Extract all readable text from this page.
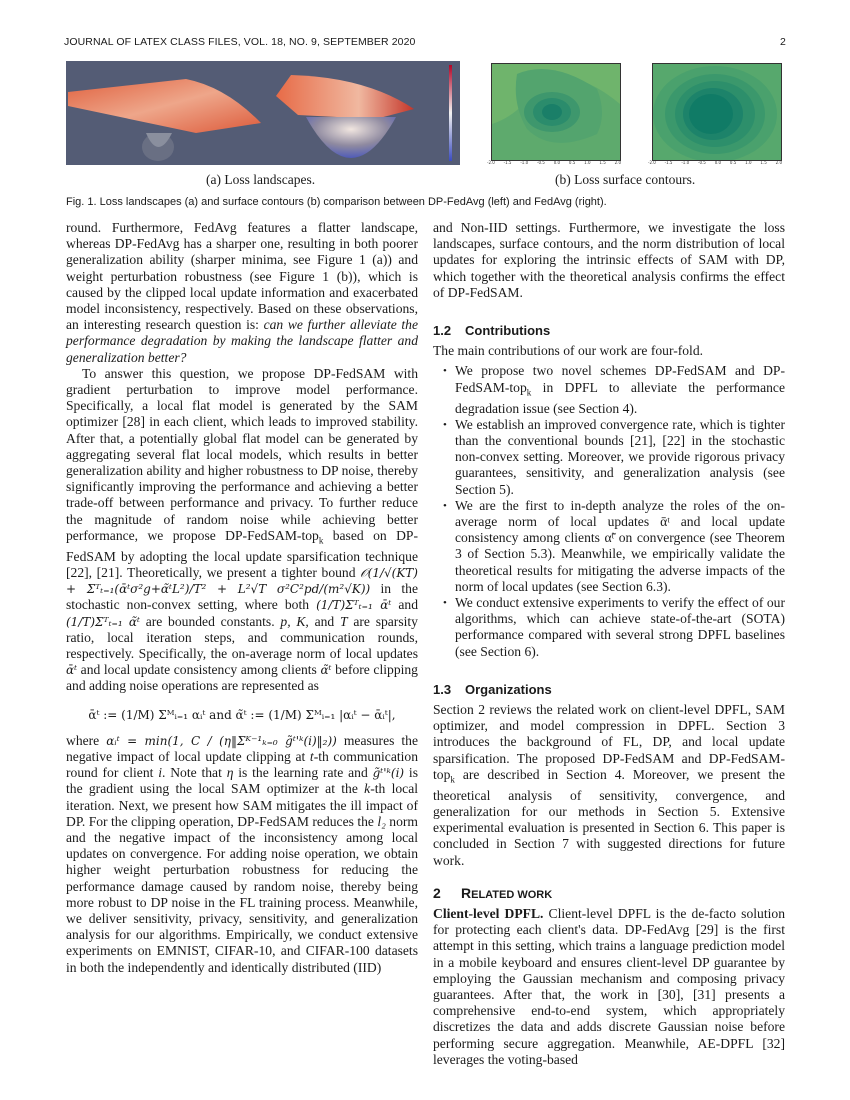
JOURNAL OF LATEX CLASS FILES, VOL. 18, NO. 9, SEPTEMBER 2020	2
-2.0 -1.5 -1.0 -0.5 0.0 0.5 1.0 1.5 2.0	-2.0 -1.5 -1.0 -0.5 0.0 0.5 1.0 1.5 2.0
(a) Loss landscapes.	(b) Loss surface contours.
Fig. 1. Loss landscapes (a) and surface contours (b) comparison between DP-FedAvg (left) and FedAvg (right).

round. Furthermore, FedAvg features a flatter landscape, whereas DP-FedAvg has a sharper one, resulting in both poorer generalization ability (sharper minima, see Figure 1 (a)) and weight perturbation robustness (see Figure 1 (b)), which is caused by the clipped local update information and exacerbated model inconsistency, respectively. Based on these observations, an interesting research question is: can we further alleviate the performance degradation by making the landscape flatter and generalization better?

To answer this question, we propose DP-FedSAM with gradient perturbation to improve model performance. Specifically, a local flat model is generated by the SAM optimizer [28] in each client, which leads to improved stability. After that, a potentially global flat model can be generated by aggregating several flat local models, which results in better generalization ability and higher robustness to DP noise, thereby significantly improving the performance and achieving a better trade-off between performance and privacy. To further reduce the magnitude of random noise while achieving better performance, we propose DP-FedSAM-top$_k$ based on DP-FedSAM by adopting the local update sparsification technique [22], [21]. Theoretically, we present a tighter bound 𝒪(1/√(KT) + Σᵀₜ₌₁(ᾱᵗσ²g+α̃ᵗL²)/T² + L²√T σ²C²pd/(m²√K)) in the stochastic non-convex setting, where both (1/T)Σᵀₜ₌₁ ᾱᵗ and (1/T)Σᵀₜ₌₁ α̃ᵗ are bounded constants. p, K, and T are sparsity ratio, local iteration steps, and communication rounds, respectively. Specifically, the on-average norm of local updates ᾱᵗ and local update consistency among clients α̃ᵗ before clipping and adding noise operations are represented as

ᾱᵗ := (1/M) Σᴹᵢ₌₁ αᵢᵗ and α̃ᵗ := (1/M) Σᴹᵢ₌₁ |αᵢᵗ − ᾱᵢᵗ|,

where αᵢᵗ = min(1, C / (η‖Σᴷ⁻¹ₖ₌₀ g̃ᵗ'ᵏ(i)‖₂)) measures the negative impact of local update clipping at t-th communication round for client i. Note that η is the learning rate and g̃ᵗ'ᵏ(i) is the gradient using the local SAM optimizer at the k-th local iteration. Next, we present how SAM mitigates the ill impact of DP. For the clipping operation, DP-FedSAM reduces the l₂ norm and the negative impact of the inconsistency among local updates on convergence. For adding noise operation, we obtain higher weight perturbation robustness for reducing the performance damage caused by random noise, thereby being more robust to DP noise in the FL training process. Meanwhile, we deliver sensitivity, privacy, sensitivity, and generalization analysis for our algorithms. Empirically, we conduct extensive experiments on EMNIST, CIFAR-10, and CIFAR-100 datasets in both the independently and identically distributed (IID)

and Non-IID settings. Furthermore, we investigate the loss landscapes, surface contours, and the norm distribution of local updates for exploring the intrinsic effects of SAM with DP, which together with the theoretical analysis confirms the effect of DP-FedSAM.

1.2 Contributions

The main contributions of our work are four-fold.

• We propose two novel schemes DP-FedSAM and DP-FedSAM-top$_k$ in DPFL to alleviate the performance degradation issue (see Section 4).
• We establish an improved convergence rate, which is tighter than the conventional bounds [21], [22] in the stochastic non-convex setting. Moreover, we provide rigorous privacy guarantees, sensitivity, and generalization analysis (see Section 5).
• We are the first to in-depth analyze the roles of the on-average norm of local updates ᾱᵗ and local update consistency among clients α̃ᵗ on convergence (see Theorem 3 of Section 5.3). Meanwhile, we empirically validate the theoretical results for mitigating the adverse impacts of the norm of local updates (see Section 6.3).
• We conduct extensive experiments to verify the effect of our algorithms, which can achieve state-of-the-art (SOTA) performance compared with several strong DPFL baselines (see Section 6).

1.3 Organizations

Section 2 reviews the related work on client-level DPFL, SAM optimizer, and model compression in DPFL. Section 3 introduces the background of FL, DP, and local update sparsification. The proposed DP-FedSAM and DP-FedSAM-top$_k$ are described in Section 4. Moreover, we present the theoretical analysis of sensitivity, convergence, and generalization for our methods in Section 5. Extensive experimental evaluation is presented in Section 6. This paper is concluded in Section 7 with suggested directions for future work.

2 RELATED WORK

Client-level DPFL. Client-level DPFL is the de-facto solution for protecting each client's data. DP-FedAvg [29] is the first attempt in this setting, which trains a language prediction model in a mobile keyboard and ensures client-level DP guarantee by employing the Gaussian mechanism and composing privacy guarantees. After that, the work in [30], [31] presents a comprehensive end-to-end system, which appropriately discretizes the data and adds discrete Gaussian noise before performing secure aggregation. Meanwhile, AE-DPFL [32] leverages the voting-based
